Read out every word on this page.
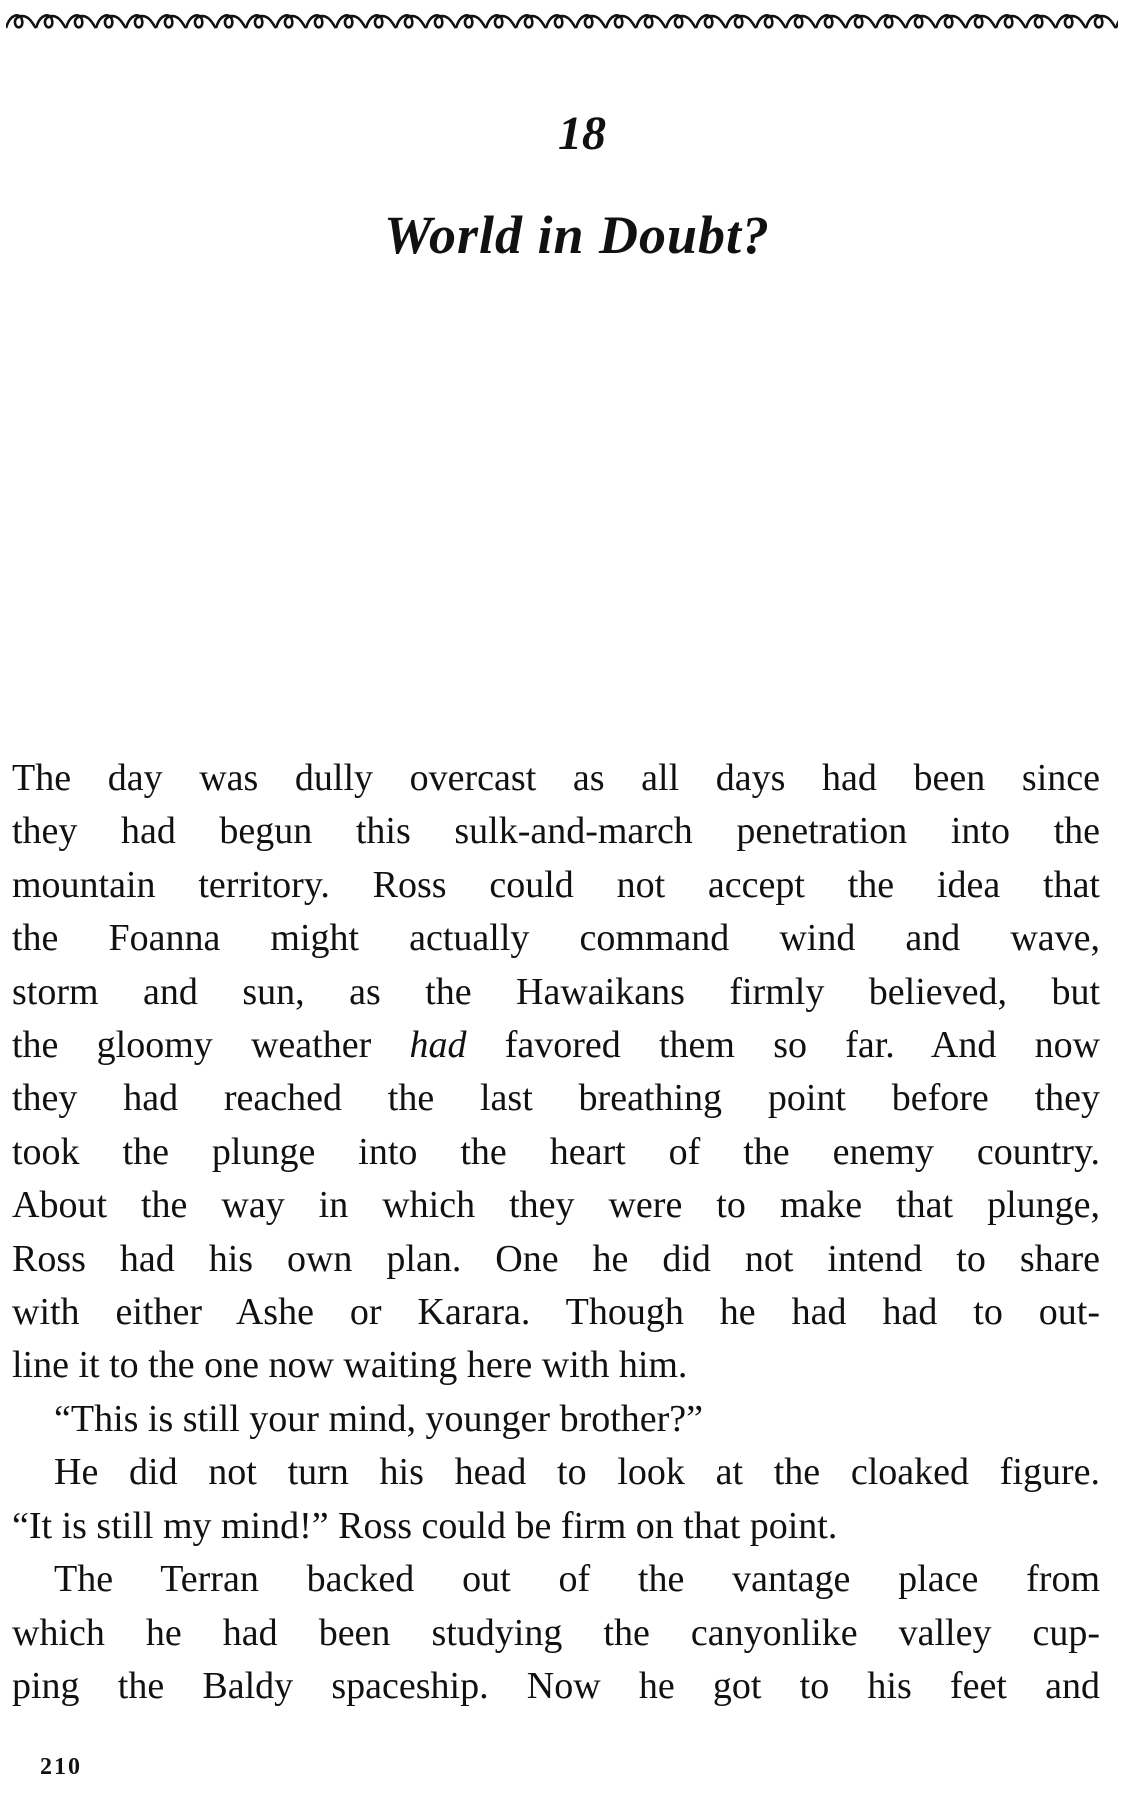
18
World in Doubt?
The day was dully overcast as all days had been since
they had begun this sulk-and-march penetration into the
mountain territory. Ross could not accept the idea that
the Foanna might actually command wind and wave,
storm and sun, as the Hawaikans firmly believed, but
the gloomy weather had favored them so far. And now
they had reached the last breathing point before they
took the plunge into the heart of the enemy country.
About the way in which they were to make that plunge,
Ross had his own plan. One he did not intend to share
with either Ashe or Karara. Though he had had to out-
line it to the one now waiting here with him.
“This is still your mind, younger brother?”
He did not turn his head to look at the cloaked figure.
“It is still my mind!” Ross could be firm on that point.
The Terran backed out of the vantage place from
which he had been studying the canyonlike valley cup-
ping the Baldy spaceship. Now he got to his feet and
210
